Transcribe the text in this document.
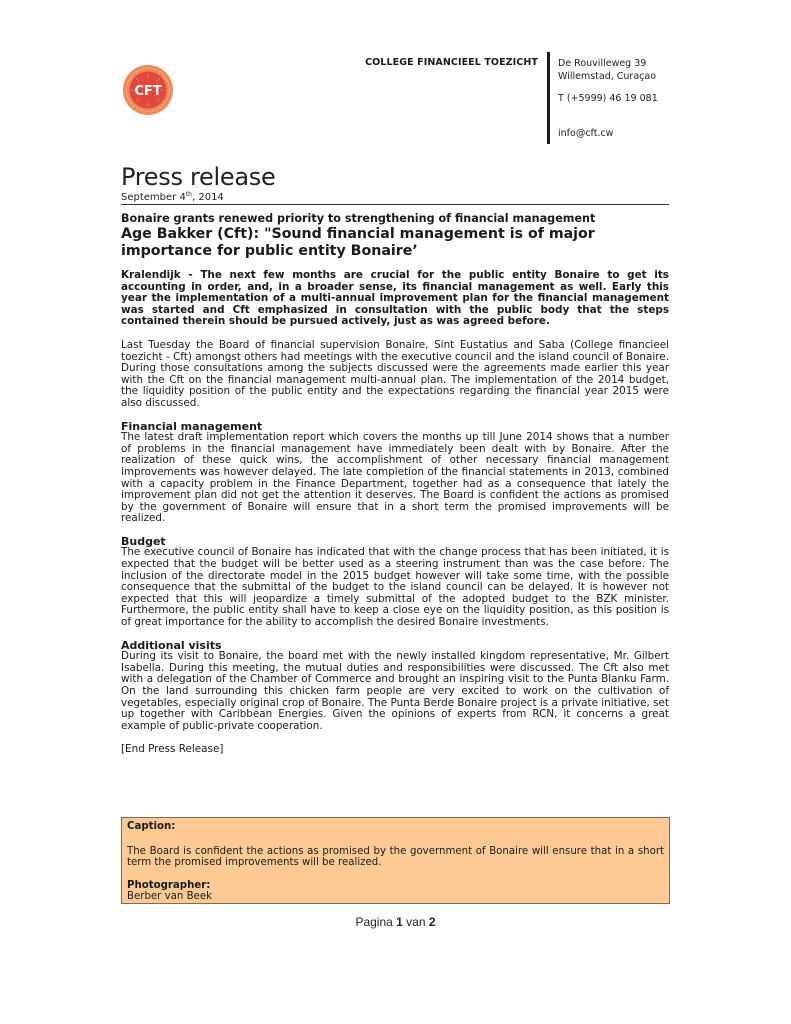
CFT
COLLEGE FINANCIEEL TOEZICHT De Rouvilleweg 39
Willemstad, Curaçao
T (+5999) 46 19 081
info@cft.cw
Press release
September 4th, 2014
Bonaire grants renewed priority to strengthening of financial management
Age Bakker (Cft): "Sound financial management is of major importance for public entity Bonaire’

Kralendijk - The next few months are crucial for the public entity Bonaire to get its accounting in order, and, in a broader sense, its financial management as well. Early this year the implementation of a multi-annual improvement plan for the financial management was started and Cft emphasized in consultation with the public body that the steps contained therein should be pursued actively, just as was agreed before.

Last Tuesday the Board of financial supervision Bonaire, Sint Eustatius and Saba (College financieel toezicht - Cft) amongst others had meetings with the executive council and the island council of Bonaire. During those consultations among the subjects discussed were the agreements made earlier this year with the Cft on the financial management multi-annual plan. The implementation of the 2014 budget, the liquidity position of the public entity and the expectations regarding the financial year 2015 were also discussed.

Financial management

The latest draft implementation report which covers the months up till June 2014 shows that a number of problems in the financial management have immediately been dealt with by Bonaire. After the realization of these quick wins, the accomplishment of other necessary financial management improvements was however delayed. The late completion of the financial statements in 2013, combined with a capacity problem in the Finance Department, together had as a consequence that lately the improvement plan did not get the attention it deserves. The Board is confident the actions as promised by the government of Bonaire will ensure that in a short term the promised improvements will be realized.

Budget

The executive council of Bonaire has indicated that with the change process that has been initiated, it is expected that the budget will be better used as a steering instrument than was the case before. The inclusion of the directorate model in the 2015 budget however will take some time, with the possible consequence that the submittal of the budget to the island council can be delayed. It is however not expected that this will jeopardize a timely submittal of the adopted budget to the BZK minister. Furthermore, the public entity shall have to keep a close eye on the liquidity position, as this position is of great importance for the ability to accomplish the desired Bonaire investments.

Additional visits

During its visit to Bonaire, the board met with the newly installed kingdom representative, Mr. Gilbert Isabella. During this meeting, the mutual duties and responsibilities were discussed. The Cft also met with a delegation of the Chamber of Commerce and brought an inspiring visit to the Punta Blanku Farm. On the land surrounding this chicken farm people are very excited to work on the cultivation of vegetables, especially original crop of Bonaire. The Punta Berde Bonaire project is a private initiative, set up together with Caribbean Energies. Given the opinions of experts from RCN, it concerns a great example of public-private cooperation.

[End Press Release]

Caption:
The Board is confident the actions as promised by the government of Bonaire will ensure that in a short term the promised improvements will be realized.
Photographer:
Berber van Beek
Pagina 1 van 2
